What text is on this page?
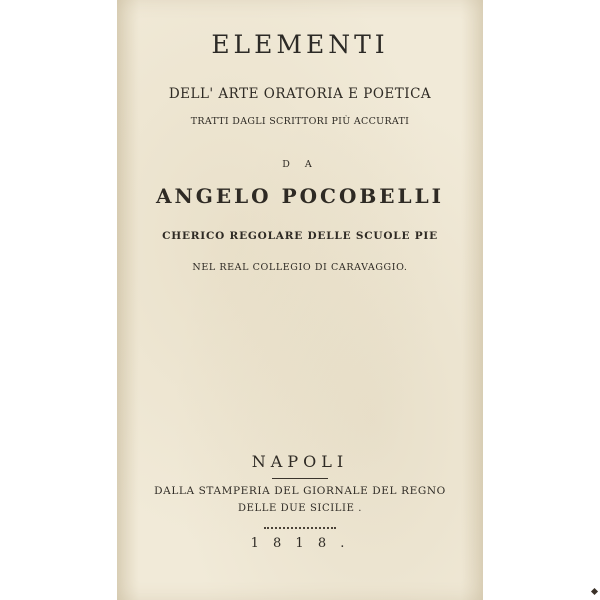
ELEMENTI
DELL' ARTE ORATORIA E POETICA
TRATTI DAGLI SCRITTORI PIÙ ACCURATI
D A
ANGELO POCOBELLI
CHERICO REGOLARE DELLE SCUOLE PIE
NEL REAL COLLEGIO DI CARAVAGGIO.
NAPOLI
DALLA STAMPERIA DEL GIORNALE DEL REGNO
DELLE DUE SICILIE .
1 8 1 8 .
